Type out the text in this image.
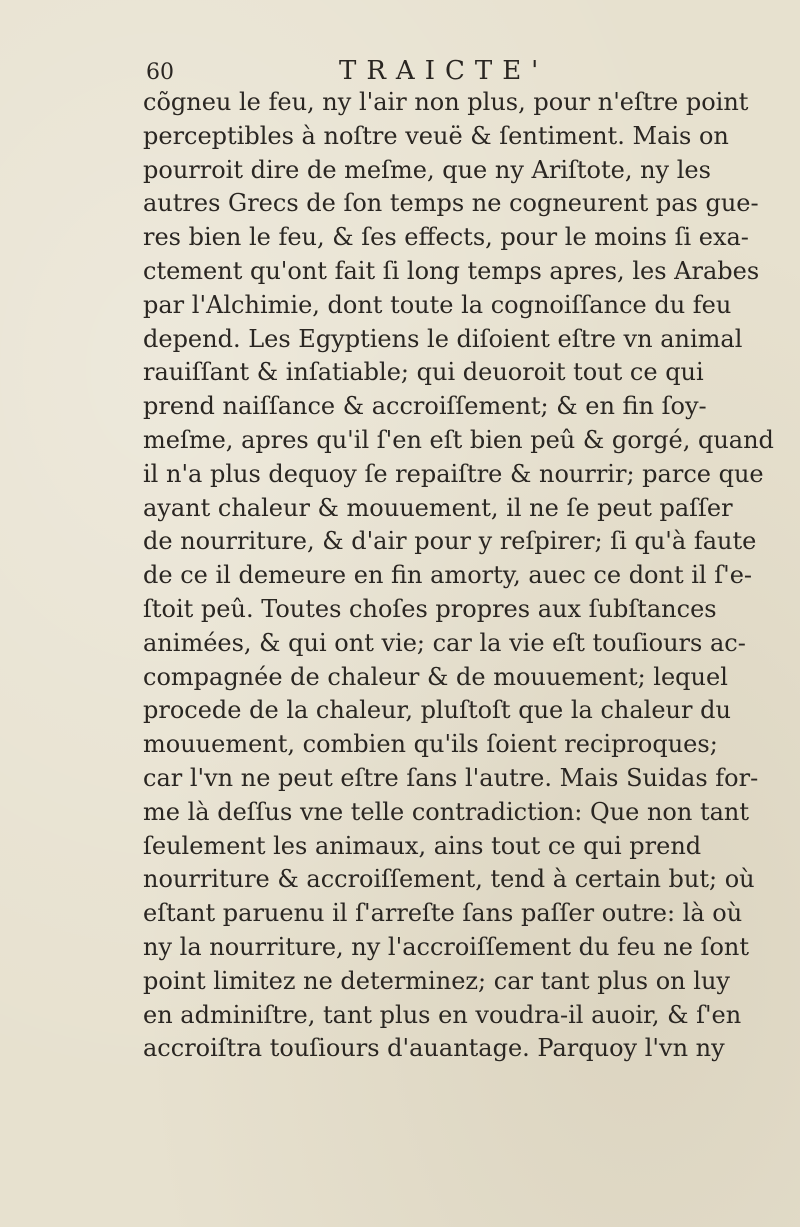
60	TRAICTE'
cõgneu le feu, ny l'air non plus, pour n'eſtre point
perceptibles à noſtre veuë & ſentiment. Mais on
pourroit dire de meſme, que ny Ariſtote, ny les
autres Grecs de ſon temps ne cogneurent pas gue-
res bien le feu, & ſes effects, pour le moins ſi exa-
ctement qu'ont fait ſi long temps apres, les Arabes
par l'Alchimie, dont toute la cognoiſſance du feu
depend. Les Egyptiens le diſoient eſtre vn animal
rauiſſant & inſatiable; qui deuoroit tout ce qui
prend naiſſance & accroiſſement; & en fin ſoy-
meſme, apres qu'il ſ'en eſt bien peû & gorgé, quand
il n'a plus dequoy ſe repaiſtre & nourrir; parce que
ayant chaleur & mouuement, il ne ſe peut paſſer
de nourriture, & d'air pour y reſpirer; ſi qu'à faute
de ce il demeure en fin amorty, auec ce dont il ſ'e-
ſtoit peû. Toutes choſes propres aux ſubſtances
animées, & qui ont vie; car la vie eſt touſiours ac-
compagnée de chaleur & de mouuement; lequel
procede de la chaleur, pluſtoſt que la chaleur du
mouuement, combien qu'ils ſoient reciproques;
car l'vn ne peut eſtre ſans l'autre. Mais Suidas for-
me là deſſus vne telle contradiction: Que non tant
ſeulement les animaux, ains tout ce qui prend
nourriture & accroiſſement, tend à certain but; où
eſtant paruenu il ſ'arreſte ſans paſſer outre: là où
ny la nourriture, ny l'accroiſſement du feu ne ſont
point limitez ne determinez; car tant plus on luy
en adminiſtre, tant plus en voudra-il auoir, & ſ'en
accroiſtra touſiours d'auantage. Parquoy l'vn ny
